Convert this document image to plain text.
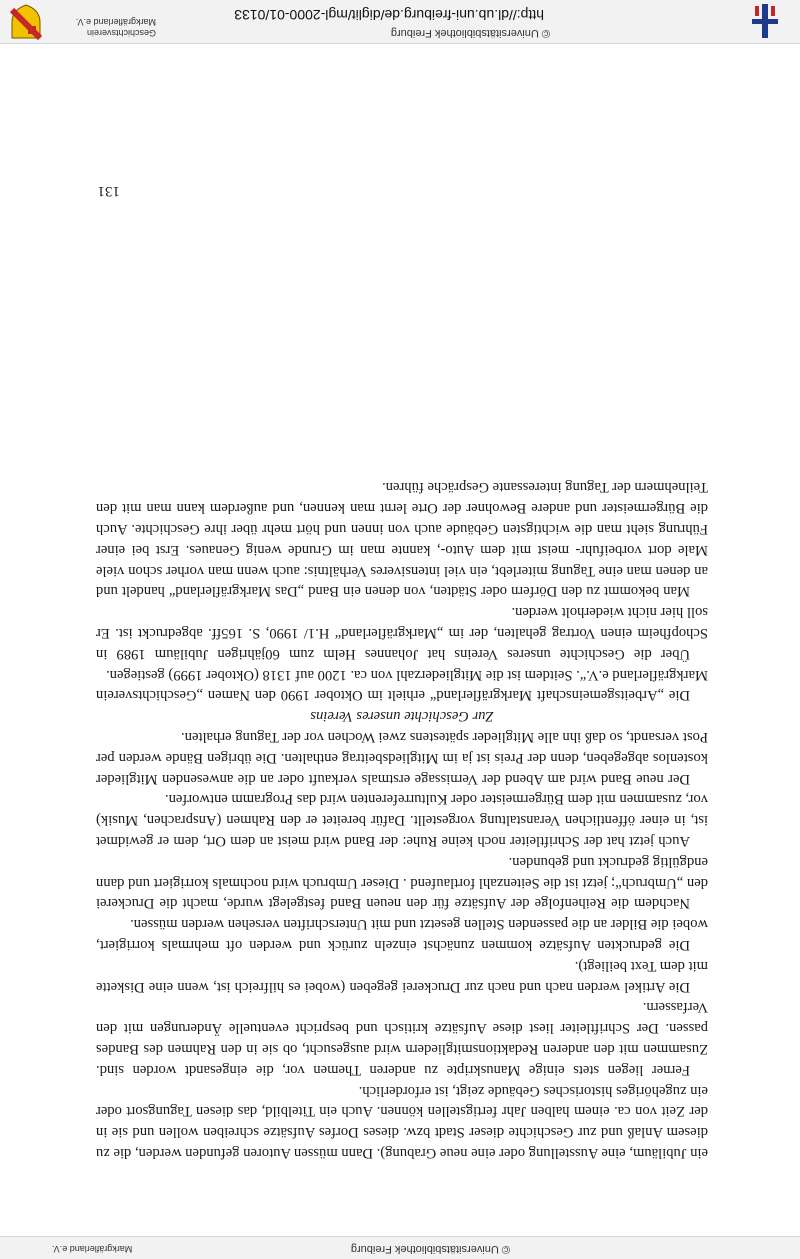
© Universitätsbibliothek Freiburg
Markgräflerland e.V.

ein Jubiläum, eine Ausstellung oder eine neue Grabung). Dann müssen Autoren gefunden werden, die zu diesem Anlaß und zur Geschichte dieser Stadt bzw. dieses Dorfes Aufsätze schreiben wollen und sie in der Zeit von ca. einem halben Jahr fertigstellen können. Auch ein Titelbild, das diesen Tagungsort oder ein zugehöriges historisches Gebäude zeigt, ist erforderlich.

Ferner liegen stets einige Manuskripte zu anderen Themen vor, die eingesandt worden sind. Zusammen mit den anderen Redaktionsmitgliedern wird ausgesucht, ob sie in den Rahmen des Bandes passen. Der Schriftleiter liest diese Aufsätze kritisch und bespricht eventuelle Änderungen mit den Verfassern.

Die Artikel werden nach und nach zur Druckerei gegeben (wobei es hilfreich ist, wenn eine Diskette mit dem Text beiliegt).

Die gedruckten Aufsätze kommen zunächst einzeln zurück und werden oft mehrmals korrigiert, wobei die Bilder an die passenden Stellen gesetzt und mit Unterschriften versehen werden müssen.

Nachdem die Reihenfolge der Aufsätze für den neuen Band festgelegt wurde, macht die Druckerei den „Umbruch“; jetzt ist die Seitenzahl fortlaufend . Dieser Umbruch wird nochmals korrigiert und dann endgültig gedruckt und gebunden.

Auch jetzt hat der Schriftleiter noch keine Ruhe: der Band wird meist an dem Ort, dem er gewidmet ist, in einer öffentlichen Veranstaltung vorgestellt. Dafür bereitet er den Rahmen (Ansprachen, Musik) vor, zusammen mit dem Bürgermeister oder Kulturreferenten wird das Programm entworfen.

Der neue Band wird am Abend der Vernissage erstmals verkauft oder an die anwesenden Mitglieder kostenlos abgegeben, denn der Preis ist ja im Mitgliedsbeitrag enthalten. Die übrigen Bände werden per Post versandt, so daß ihn alle Mitglieder spätestens zwei Wochen vor der Tagung erhalten.

Zur Geschichte unseres Vereins

Die „Arbeitsgemeinschaft Markgräflerland“ erhielt im Oktober 1990 den Namen „Geschichtsverein Markgräflerland e.V.“. Seitdem ist die Mitgliederzahl von ca. 1200 auf 1318 (Oktober 1999) gestiegen.

Über die Geschichte unseres Vereins hat Johannes Helm zum 60jährigen Jubiläum 1989 in Schopfheim einen Vortrag gehalten, der im „Markgräflerland“ H.1/ 1990, S. 165ff. abgedruckt ist. Er soll hier nicht wiederholt werden.

Man bekommt zu den Dörfern oder Städten, von denen ein Band „Das Markgräflerland“ handelt und an denen man eine Tagung miterlebt, ein viel intensiveres Verhältnis: auch wenn man vorher schon viele Male dort vorbeifuhr- meist mit dem Auto-, kannte man im Grunde wenig Genaues. Erst bei einer Führung sieht man die wichtigsten Gebäude auch von innen und hört mehr über ihre Geschichte. Auch die Bürgermeister und andere Bewohner der Orte lernt man kennen, und außerdem kann man mit den Teilnehmern der Tagung interessante Gespräche führen.

131
© Universitätsbibliothek Freiburg
http://dl.ub.uni-freiburg.de/diglit/mgl-2000-01/0133
Geschichtsverein
Markgräflerland e.V.
